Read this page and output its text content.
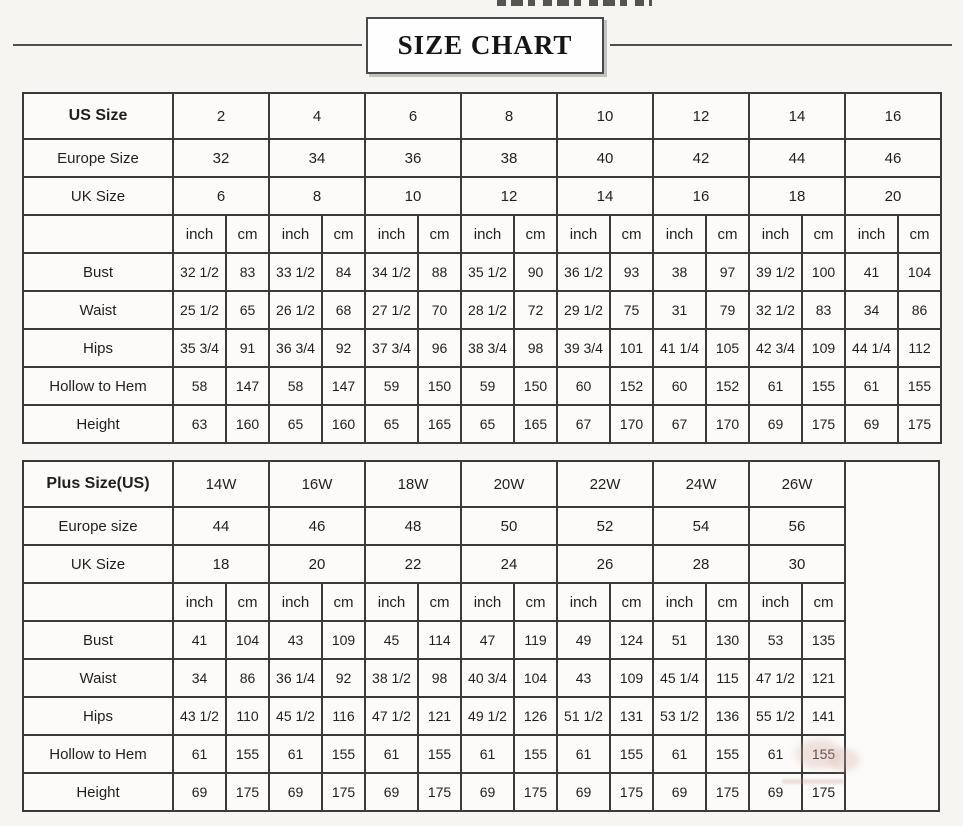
SIZE CHART
US Size	2		4		6		8		10		12		14		16	
Europe Size	32		34		36		38		40		42		44		46	
UK Size	6		8		10		12		14		16		18		20	
	inch	cm	inch	cm	inch	cm	inch	cm	inch	cm	inch	cm	inch	cm	inch	cm
Bust	32 1/2	83	33 1/2	84	34 1/2	88	35 1/2	90	36 1/2	93	38	97	39 1/2	100	41	104
Waist	25 1/2	65	26 1/2	68	27 1/2	70	28 1/2	72	29 1/2	75	31	79	32 1/2	83	34	86
Hips	35 3/4	91	36 3/4	92	37 3/4	96	38 3/4	98	39 3/4	101	41 1/4	105	42 3/4	109	44 1/4	112
Hollow to Hem	58	147	58	147	59	150	59	150	60	152	60	152	61	155	61	155
Height	63	160	65	160	65	165	65	165	67	170	67	170	69	175	69	175
Plus Size(US)	14W		16W		18W		20W		22W		24W		26W		
Europe size	44		46		48		50		52		54		56		
UK Size	18		20		22		24		26		28		30		
	inch	cm	inch	cm	inch	cm	inch	cm	inch	cm	inch	cm	inch	cm	
Bust	41	104	43	109	45	114	47	119	49	124	51	130	53	135	
Waist	34	86	36 1/4	92	38 1/2	98	40 3/4	104	43	109	45 1/4	115	47 1/2	121	
Hips	43 1/2	110	45 1/2	116	47 1/2	121	49 1/2	126	51 1/2	131	53 1/2	136	55 1/2	141	
Hollow to Hem	61	155	61	155	61	155	61	155	61	155	61	155	61	155	
Height	69	175	69	175	69	175	69	175	69	175	69	175	69	175	
